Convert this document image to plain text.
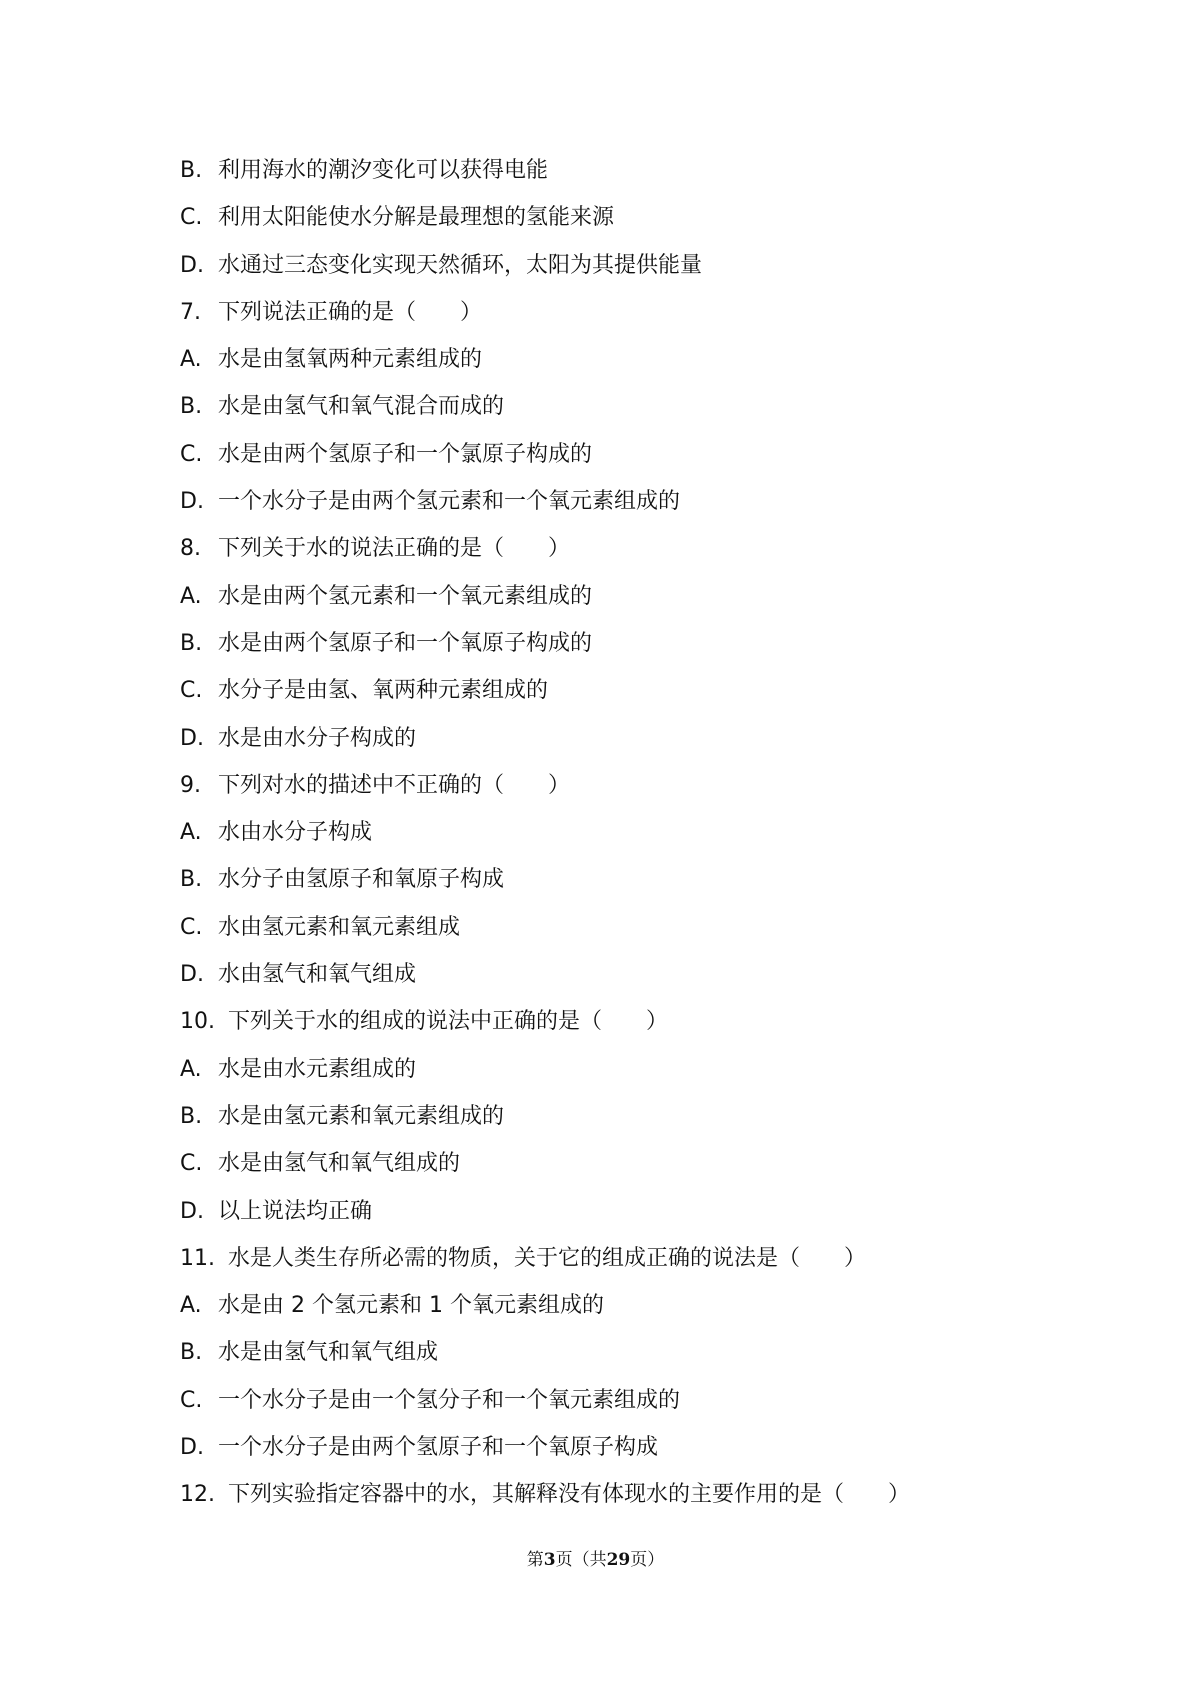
B. 利用海水的潮汐变化可以获得电能
C. 利用太阳能使水分解是最理想的氢能来源
D. 水通过三态变化实现天然循环，太阳为其提供能量
7. 下列说法正确的是（　　）
A. 水是由氢氧两种元素组成的
B. 水是由氢气和氧气混合而成的
C. 水是由两个氢原子和一个氯原子构成的
D. 一个水分子是由两个氢元素和一个氧元素组成的
8. 下列关于水的说法正确的是（　　）
A. 水是由两个氢元素和一个氧元素组成的
B. 水是由两个氢原子和一个氧原子构成的
C. 水分子是由氢、氧两种元素组成的
D. 水是由水分子构成的
9. 下列对水的描述中不正确的（　　）
A. 水由水分子构成
B. 水分子由氢原子和氧原子构成
C. 水由氢元素和氧元素组成
D. 水由氢气和氧气组成
10. 下列关于水的组成的说法中正确的是（　　）
A. 水是由水元素组成的
B. 水是由氢元素和氧元素组成的
C. 水是由氢气和氧气组成的
D. 以上说法均正确
11. 水是人类生存所必需的物质，关于它的组成正确的说法是（　　）
A. 水是由 2 个氢元素和 1 个氧元素组成的
B. 水是由氢气和氧气组成
C. 一个水分子是由一个氢分子和一个氧元素组成的
D. 一个水分子是由两个氢原子和一个氧原子构成
12. 下列实验指定容器中的水，其解释没有体现水的主要作用的是（　　）
第3页（共29页）
